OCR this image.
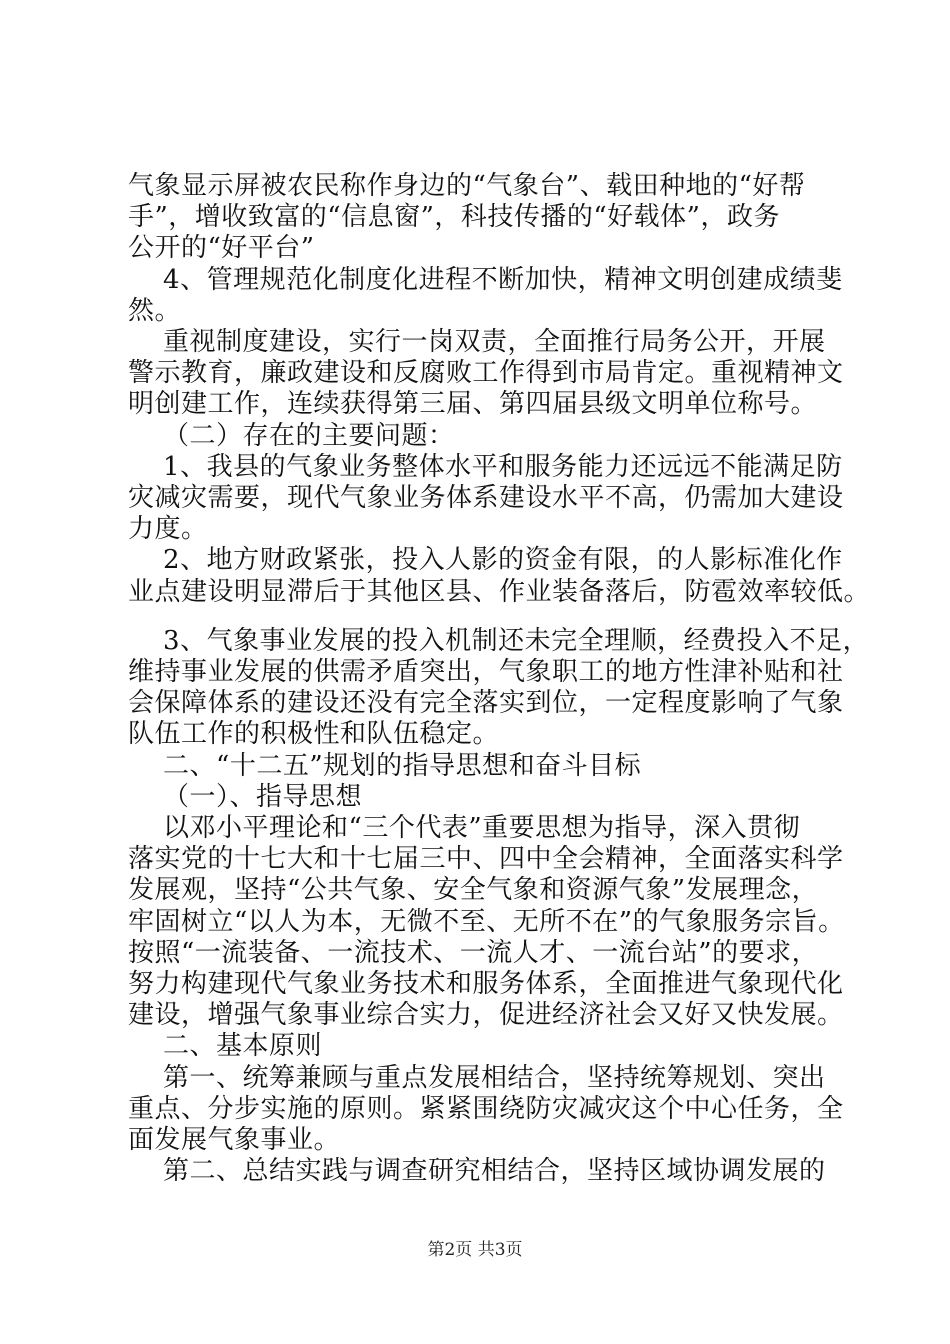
气象显示屏被农民称作身边的“气象台”、载田种地的“好帮
手”，增收致富的“信息窗”，科技传播的“好载体”，政务
公开的“好平台”
4、管理规范化制度化进程不断加快，精神文明创建成绩斐
然。
重视制度建设，实行一岗双责，全面推行局务公开，开展
警示教育，廉政建设和反腐败工作得到市局肯定。重视精神文
明创建工作，连续获得第三届、第四届县级文明单位称号。
（二）存在的主要问题：
1、我县的气象业务整体水平和服务能力还远远不能满足防
灾减灾需要，现代气象业务体系建设水平不高，仍需加大建设
力度。
2、地方财政紧张，投入人影的资金有限，的人影标准化作
业点建设明显滞后于其他区县、作业装备落后，防雹效率较低。
3、气象事业发展的投入机制还未完全理顺，经费投入不足，
维持事业发展的供需矛盾突出，气象职工的地方性津补贴和社
会保障体系的建设还没有完全落实到位，一定程度影响了气象
队伍工作的积极性和队伍稳定。
二、“十二五”规划的指导思想和奋斗目标
（一）、指导思想
以邓小平理论和“三个代表”重要思想为指导，深入贯彻
落实党的十七大和十七届三中、四中全会精神，全面落实科学
发展观，坚持“公共气象、安全气象和资源气象”发展理念，
牢固树立“以人为本，无微不至、无所不在”的气象服务宗旨。
按照“一流装备、一流技术、一流人才、一流台站”的要求，
努力构建现代气象业务技术和服务体系，全面推进气象现代化
建设，增强气象事业综合实力，促进经济社会又好又快发展。
二、基本原则
第一、统筹兼顾与重点发展相结合，坚持统筹规划、突出
重点、分步实施的原则。紧紧围绕防灾减灾这个中心任务，全
面发展气象事业。
第二、总结实践与调查研究相结合，坚持区域协调发展的
第2页 共3页
